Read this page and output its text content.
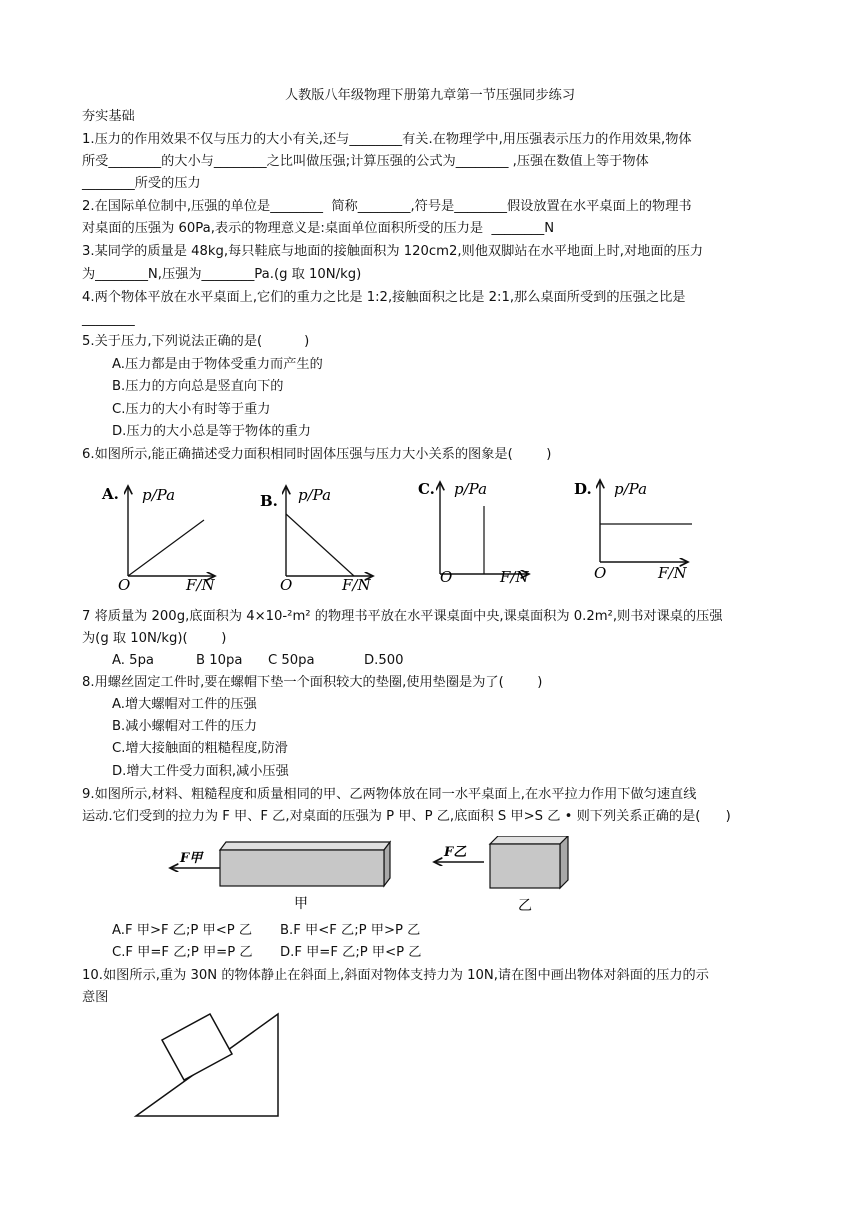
人教版八年级物理下册第九章第一节压强同步练习
夯实基础
1.压力的作用效果不仅与压力的大小有关,还与________有关.在物理学中,用压强表示压力的作用效果,物体
所受________的大小与________之比叫做压强;计算压强的公式为________ ,压强在数值上等于物体
________所受的压力
2.在国际单位制中,压强的单位是________  简称________,符号是________假设放置在水平桌面上的物理书
对桌面的压强为 60Pa,表示的物理意义是:桌面单位面积所受的压力是  ________N
3.某同学的质量是 48kg,每只鞋底与地面的接触面积为 120cm2,则他双脚站在水平地面上时,对地面的压力
为________N,压强为________Pa.(g 取 10N/kg)
4.两个物体平放在水平桌面上,它们的重力之比是 1:2,接触面积之比是 2:1,那么桌面所受到的压强之比是
________
5.关于压力,下列说法正确的是(          )
A.压力都是由于物体受重力而产生的
B.压力的方向总是竖直向下的
C.压力的大小有时等于重力
D.压力的大小总是等于物体的重力
6.如图所示,能正确描述受力面积相同时固体压强与压力大小关系的图象是(        )
A. p/Pa
O	F/N
B. p/Pa
O	F/N
C. p/Pa
O	F/N
D. p/Pa
O	F/N
7 将质量为 200g,底面积为 4×10-²m² 的物理书平放在水平课桌面中央,课桌面积为 0.2m²,则书对课桌的压强
为(g 取 10N/kg)(        )
A. 5pa	B 10pa C 50pa	D.500
8.用螺丝固定工件时,要在螺帽下垫一个面积较大的垫圈,使用垫圈是为了(        )
A.增大螺帽对工件的压强
B.减小螺帽对工件的压力
C.增大接触面的粗糙程度,防滑
D.增大工件受力面积,减小压强
9.如图所示,材料、粗糙程度和质量相同的甲、乙两物体放在同一水平桌面上,在水平拉力作用下做匀速直线
运动.它们受到的拉力为 F 甲、F 乙,对桌面的压强为 P 甲、P 乙,底面积 S 甲>S 乙 • 则下列关系正确的是(      )
F甲
甲
F乙
乙
A.F 甲>F 乙;P 甲<P 乙 B.F 甲<F 乙;P 甲>P 乙
C.F 甲=F 乙;P 甲=P 乙 D.F 甲=F 乙;P 甲<P 乙
10.如图所示,重为 30N 的物体静止在斜面上,斜面对物体支持力为 10N,请在图中画出物体对斜面的压力的示
意图
